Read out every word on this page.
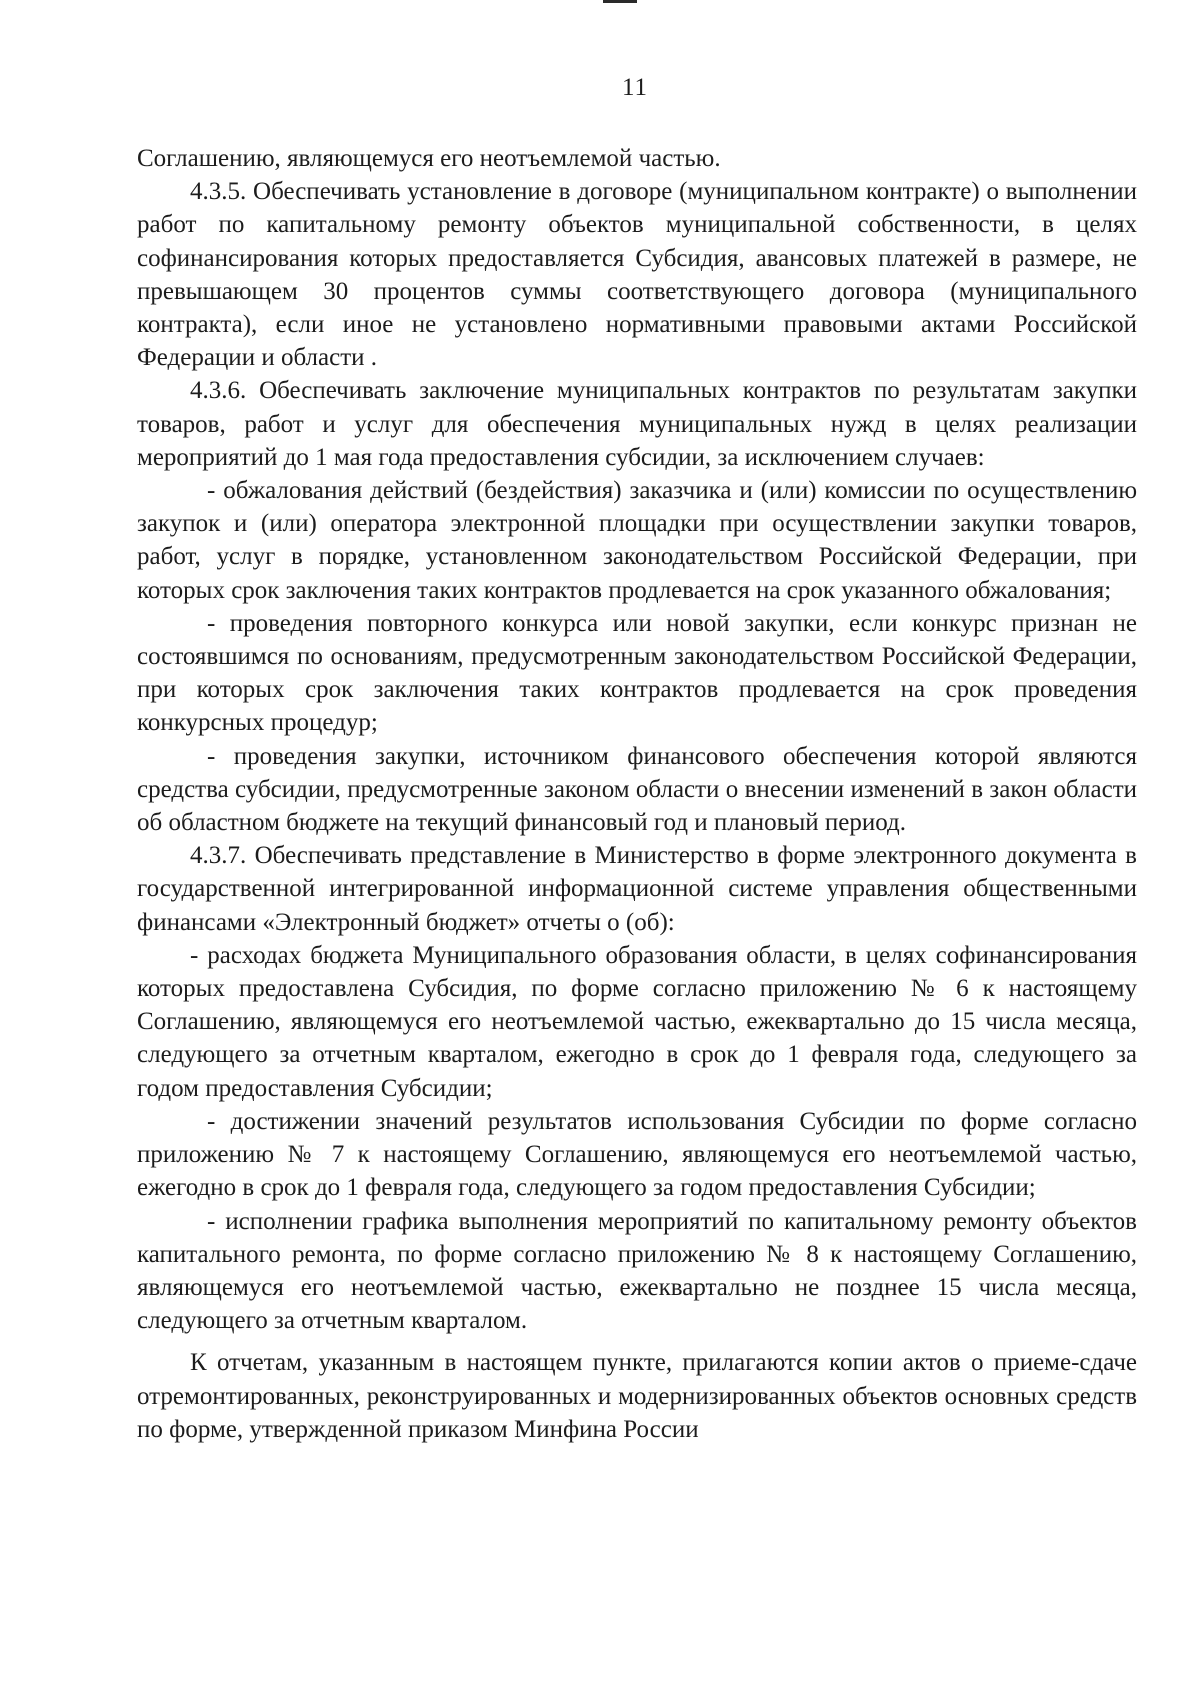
11

Соглашению, являющемуся его неотъемлемой частью.

4.3.5. Обеспечивать установление в договоре (муниципальном контракте) о выполнении работ по капитальному ремонту объектов муниципальной собственности, в целях софинансирования которых предоставляется Субсидия, авансовых платежей в размере, не превышающем 30 процентов суммы соответствующего договора (муниципального контракта), если иное не установлено нормативными правовыми актами Российской Федерации и области .

4.3.6. Обеспечивать заключение муниципальных контрактов по результатам закупки товаров, работ и услуг для обеспечения муниципальных нужд в целях реализации мероприятий до 1 мая года предоставления субсидии, за исключением случаев:

- обжалования действий (бездействия) заказчика и (или) комиссии по осуществлению закупок и (или) оператора электронной площадки при осуществлении закупки товаров, работ, услуг в порядке, установленном законодательством Российской Федерации, при которых срок заключения таких контрактов продлевается на срок указанного обжалования;

- проведения повторного конкурса или новой закупки, если конкурс признан не состоявшимся по основаниям, предусмотренным законодательством Российской Федерации, при которых срок заключения таких контрактов продлевается на срок проведения конкурсных процедур;

- проведения закупки, источником финансового обеспечения которой являются средства субсидии, предусмотренные законом области о внесении изменений в закон области об областном бюджете на текущий финансовый год и плановый период.

4.3.7. Обеспечивать представление в Министерство в форме электронного документа в государственной интегрированной информационной системе управления общественными финансами «Электронный бюджет» отчеты о (об):

- расходах бюджета Муниципального образования области, в целях софинансирования которых предоставлена Субсидия, по форме согласно приложению № 6 к настоящему Соглашению, являющемуся его неотъемлемой частью, ежеквартально до 15 числа месяца, следующего за отчетным кварталом, ежегодно в срок до 1 февраля года, следующего за годом предоставления Субсидии;

- достижении значений результатов использования Субсидии по форме согласно приложению № 7 к настоящему Соглашению, являющемуся его неотъемлемой частью, ежегодно в срок до 1 февраля года, следующего за годом предоставления Субсидии;

- исполнении графика выполнения мероприятий по капитальному ремонту объектов капитального ремонта, по форме согласно приложению № 8 к настоящему Соглашению, являющемуся его неотъемлемой частью, ежеквартально не позднее 15 числа месяца, следующего за отчетным кварталом.

К отчетам, указанным в настоящем пункте, прилагаются копии актов о приеме-сдаче отремонтированных, реконструированных и модернизированных объектов основных средств по форме, утвержденной приказом Минфина России
